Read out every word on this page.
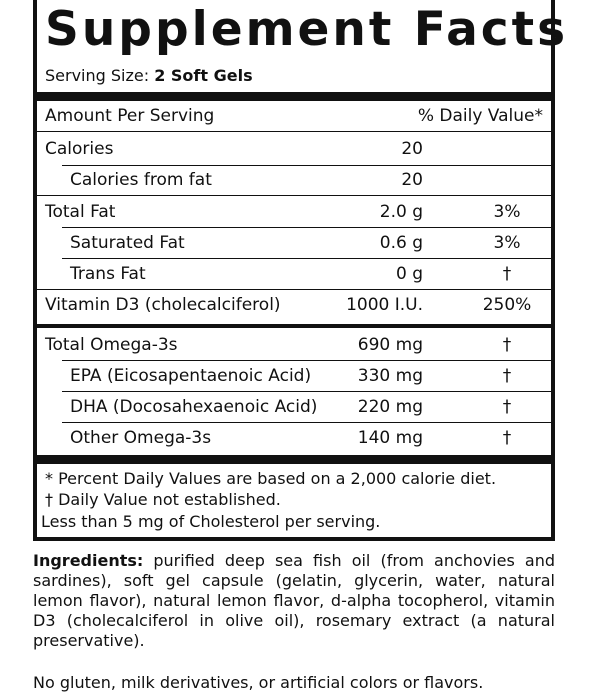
Supplement Facts
Serving Size: 2 Soft Gels
Amount Per Serving	% Daily Value*
Calories	20
Calories from fat	20
Total Fat	2.0 g	3%
Saturated Fat	0.6 g	3%
Trans Fat	0 g	†
Vitamin D3 (cholecalciferol)	1000 I.U.	250%
Total Omega-3s	690 mg	†
EPA (Eicosapentaenoic Acid)	330 mg	†
DHA (Docosahexaenoic Acid) 220 mg	†
Other Omega-3s	140 mg	†
* Percent Daily Values are based on a 2,000 calorie diet.
† Daily Value not established.
Less than 5 mg of Cholesterol per serving.

Ingredients: purified deep sea fish oil (from anchovies and sardines), soft gel capsule (gelatin, glycerin, water, natural lemon flavor), natural lemon flavor, d-alpha tocopherol, vitamin D3 (cholecalciferol in olive oil), rosemary extract (a natural preservative).

No gluten, milk derivatives, or artificial colors or flavors.
